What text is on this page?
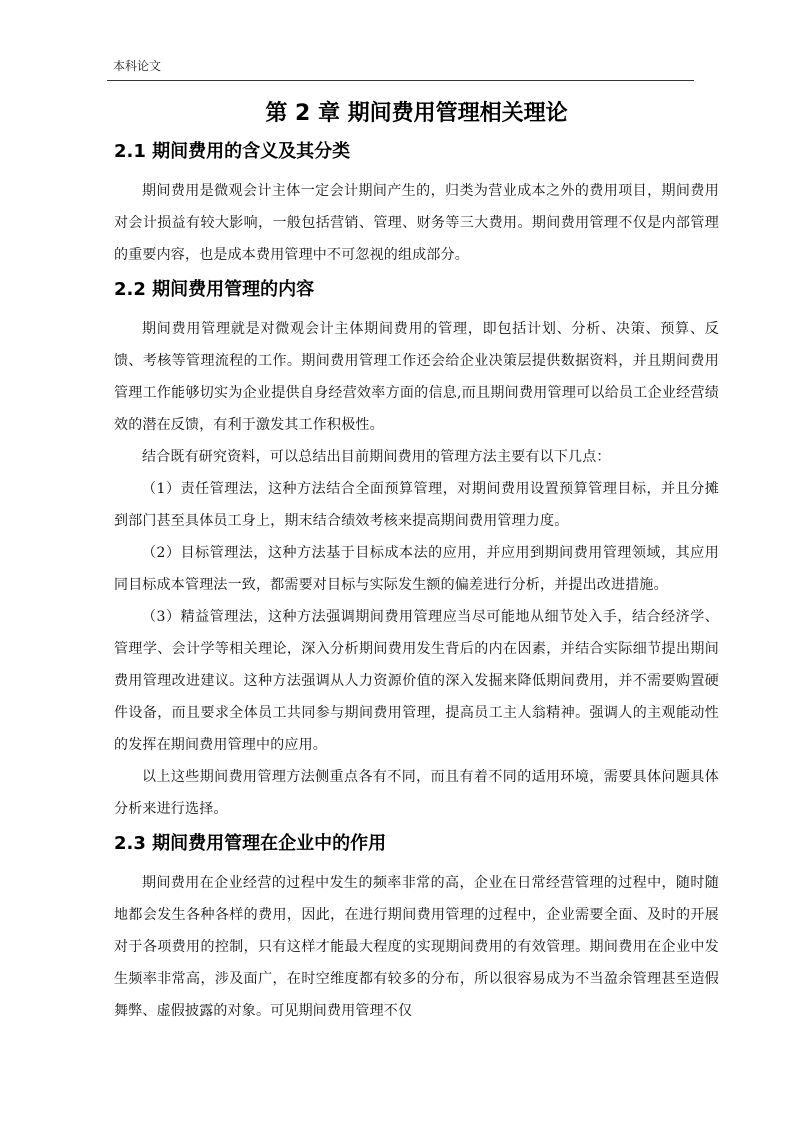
本科论文
第 2 章 期间费用管理相关理论
2.1 期间费用的含义及其分类

期间费用是微观会计主体一定会计期间产生的，归类为营业成本之外的费用项目，期间费用对会计损益有较大影响，一般包括营销、管理、财务等三大费用。期间费用管理不仅是内部管理的重要内容，也是成本费用管理中不可忽视的组成部分。

2.2 期间费用管理的内容

期间费用管理就是对微观会计主体期间费用的管理，即包括计划、分析、决策、预算、反馈、考核等管理流程的工作。期间费用管理工作还会给企业决策层提供数据资料，并且期间费用管理工作能够切实为企业提供自身经营效率方面的信息,而且期间费用管理可以给员工企业经营绩效的潜在反馈，有利于激发其工作积极性。

结合既有研究资料，可以总结出目前期间费用的管理方法主要有以下几点：

（1）责任管理法，这种方法结合全面预算管理，对期间费用设置预算管理目标，并且分摊到部门甚至具体员工身上，期末结合绩效考核来提高期间费用管理力度。

（2）目标管理法，这种方法基于目标成本法的应用，并应用到期间费用管理领域，其应用同目标成本管理法一致，都需要对目标与实际发生额的偏差进行分析，并提出改进措施。

（3）精益管理法，这种方法强调期间费用管理应当尽可能地从细节处入手，结合经济学、管理学、会计学等相关理论，深入分析期间费用发生背后的内在因素，并结合实际细节提出期间费用管理改进建议。这种方法强调从人力资源价值的深入发掘来降低期间费用，并不需要购置硬件设备，而且要求全体员工共同参与期间费用管理，提高员工主人翁精神。强调人的主观能动性的发挥在期间费用管理中的应用。

以上这些期间费用管理方法侧重点各有不同，而且有着不同的适用环境，需要具体问题具体分析来进行选择。

2.3 期间费用管理在企业中的作用

期间费用在企业经营的过程中发生的频率非常的高，企业在日常经营管理的过程中，随时随地都会发生各种各样的费用，因此，在进行期间费用管理的过程中，企业需要全面、及时的开展对于各项费用的控制，只有这样才能最大程度的实现期间费用的有效管理。期间费用在企业中发生频率非常高，涉及面广，在时空维度都有较多的分布，所以很容易成为不当盈余管理甚至造假舞弊、虚假披露的对象。可见期间费用管理不仅
